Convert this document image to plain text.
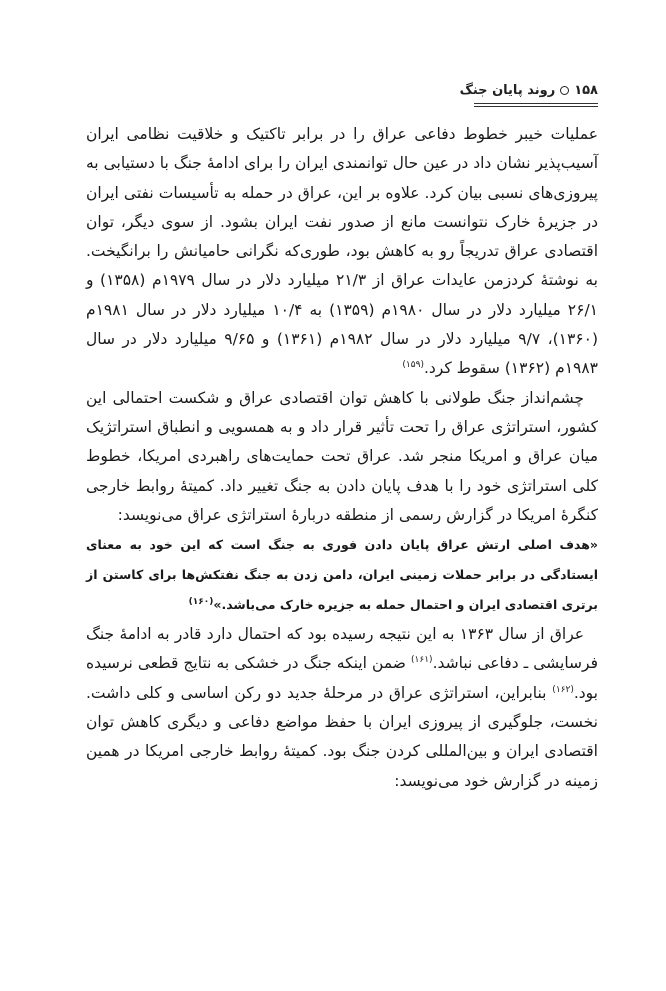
۱۵۸
روند پایان جنگ

عملیات خیبر خطوط دفاعی عراق را در برابر تاکتیک و خلاقیت نظامی ایران آسیب‌پذیر نشان داد در عین حال توانمندی ایران را برای ادامهٔ جنگ با دستیابی به پیروزی‌های نسبی بیان کرد. علاوه بر این، عراق در حمله به تأسیسات نفتی ایران در جزیرهٔ خارک نتوانست مانع از صدور نفت ایران بشود. از سوی دیگر، توان اقتصادی عراق تدریجاً رو به کاهش بود، طوری‌که نگرانی حامیانش را برانگیخت. به نوشتهٔ کردزمن عایدات عراق از ۲۱/۳ میلیارد دلار در سال ۱۹۷۹م (۱۳۵۸) و ۲۶/۱ میلیارد دلار در سال ۱۹۸۰م (۱۳۵۹) به ۱۰/۴ میلیارد دلار در سال ۱۹۸۱م (۱۳۶۰)، ۹/۷ میلیارد دلار در سال ۱۹۸۲م (۱۳۶۱) و ۹/۶۵ میلیارد دلار در سال ۱۹۸۳م (۱۳۶۲) سقوط کرد.$^{(۱۵۹)}$

چشم‌انداز جنگ طولانی با کاهش توان اقتصادی عراق و شکست احتمالی این کشور، استراتژی عراق را تحت تأثیر قرار داد و به همسویی و انطباق استراتژیک میان عراق و امریکا منجر شد. عراق تحت حمایت‌های راهبردی امریکا، خطوط کلی استراتژی خود را با هدف پایان دادن به جنگ تغییر داد. کمیتهٔ روابط خارجی کنگرهٔ امریکا در گزارش رسمی از منطقه دربارهٔ استراتژی عراق می‌نویسد:

«هدف اصلی ارتش عراق پایان دادن فوری به جنگ است که این خود به معنای ایستادگی در برابر حملات زمینی ایران، دامن زدن به جنگ نفتکش‌ها برای کاستن از برتری اقتصادی ایران و احتمال حمله به جزیره خارک می‌باشد.»$^{(۱۶۰)}$

عراق از سال ۱۳۶۳ به این نتیجه رسیده بود که احتمال دارد قادر به ادامهٔ جنگ فرسایشی ـ دفاعی نباشد.$^{(۱۶۱)}$ ضمن اینکه جنگ در خشکی به نتایج قطعی نرسیده بود.$^{(۱۶۲)}$ بنابراین، استراتژی عراق در مرحلهٔ جدید دو رکن اساسی و کلی داشت. نخست، جلوگیری از پیروزی ایران با حفظ مواضع دفاعی و دیگری کاهش توان اقتصادی ایران و بین‌المللی کردن جنگ بود. کمیتهٔ روابط خارجی امریکا در همین زمینه در گزارش خود می‌نویسد:
